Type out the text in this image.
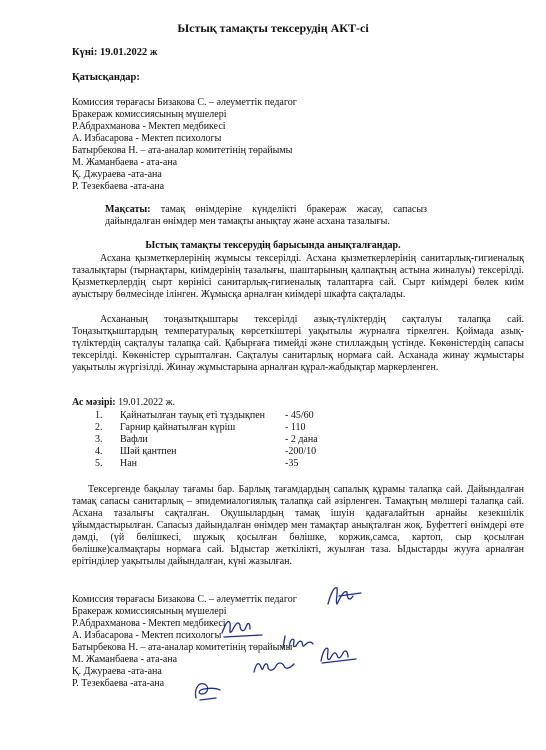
Ыстық тамақты тексерудің АКТ-сі
Күні: 19.01.2022 ж
Қатысқандар:
Комиссия төрағасы Бизакова С. – әлеуметтік педагог
Бракераж комиссиясының мүшелері
Р.Абдрахманова - Мектеп медбикесі
А. Избасарова - Мектеп психологы
Батырбекова Н. – ата-аналар комитетінің төрайымы
М. Жаманбаева - ата-ана
Қ. Джураева -ата-ана
Р. Тезекбаева -ата-ана
Мақсаты: тамақ өнімдеріне күнделікті бракераж жасау, сапасыз дайындалған өнімдер мен тамақты анықтау және асхана тазалығы.
Ыстық тамақты тексерудің барысында анықталғандар.
Асхана қызметкерлерінің жұмысы тексерілді. Асхана қызметкерлерінің санитарлық-гигиеналық тазалықтары (тырнақтары, киімдерінің тазалығы, шаштарының қалпақтың астына жиналуы) тексерілді. Қызметкерлердің сырт көрінісі санитарлық-гигиеналық талаптарға сай. Сырт киімдері бөлек киім ауыстыру бөлмесінде ілінген. Жұмысқа арналған киімдері шкафта сақталады.
Асхананың тоңазытқыштары тексерілді азық-түліктердің сақталуы талапқа сай. Тоңазытқыштардың температуралық көрсеткіштері уақытылы журналға тіркелген. Қоймада азық-түліктердің сақталуы талапқа сай. Қабырғаға тимейді және стиллаждың үстінде. Көкөністердің сапасы тексерілді. Көкөністер сұрыпталған. Сақталуы санитарлық нормаға сай. Асханада жинау жұмыстары уақытылы жүргізілді. Жинау жұмыстарына арналған құрал-жабдықтар маркерленген.
Ас мәзірі: 19.01.2022 ж.
1. Қайнатылған тауық еті тұздықпен - 45/60
2. Гарнир қайнатылған күріш	- 110
3. Вафли	- 2 дана
4. Шәй қантпен	-200/10
5. Нан	-35
Тексергенде бақылау тағамы бар. Барлық тағамдардың сапалық құрамы талапқа сай. Дайындалған тамақ сапасы санитарлық – эпидемиалогиялық талапқа сай әзірленген. Тамақтың мөлшері талапқа сай. Асхана тазалығы сақталған. Оқушылардың тамақ ішуін қадағалайтын арнайы кезекшілік ұйымдастырылған. Сапасыз дайындалған өнімдер мен тамақтар анықталған жоқ. Буфеттегі өнімдері өте дәмді, (үй бөлішкесі, шұжық қосылған бөлішке, коржик,самса, картоп, сыр қосылған бөлішке)салмақтары нормаға сай. Ыдыстар жеткілікті, жуылған таза. Ыдыстарды жууға арналған ерітінділер уақытылы дайындалған, күні жазылған.
Комиссия төрағасы Бизакова С. – әлеуметтік педагог
Бракераж комиссиясының мүшелері
Р.Абдрахманова - Мектеп медбикесі
А. Избасарова - Мектеп психологы
Батырбекова Н. – ата-аналар комитетінің төрайымы
М. Жаманбаева - ата-ана
Қ. Джураева -ата-ана
Р. Тезекбаева -ата-ана
